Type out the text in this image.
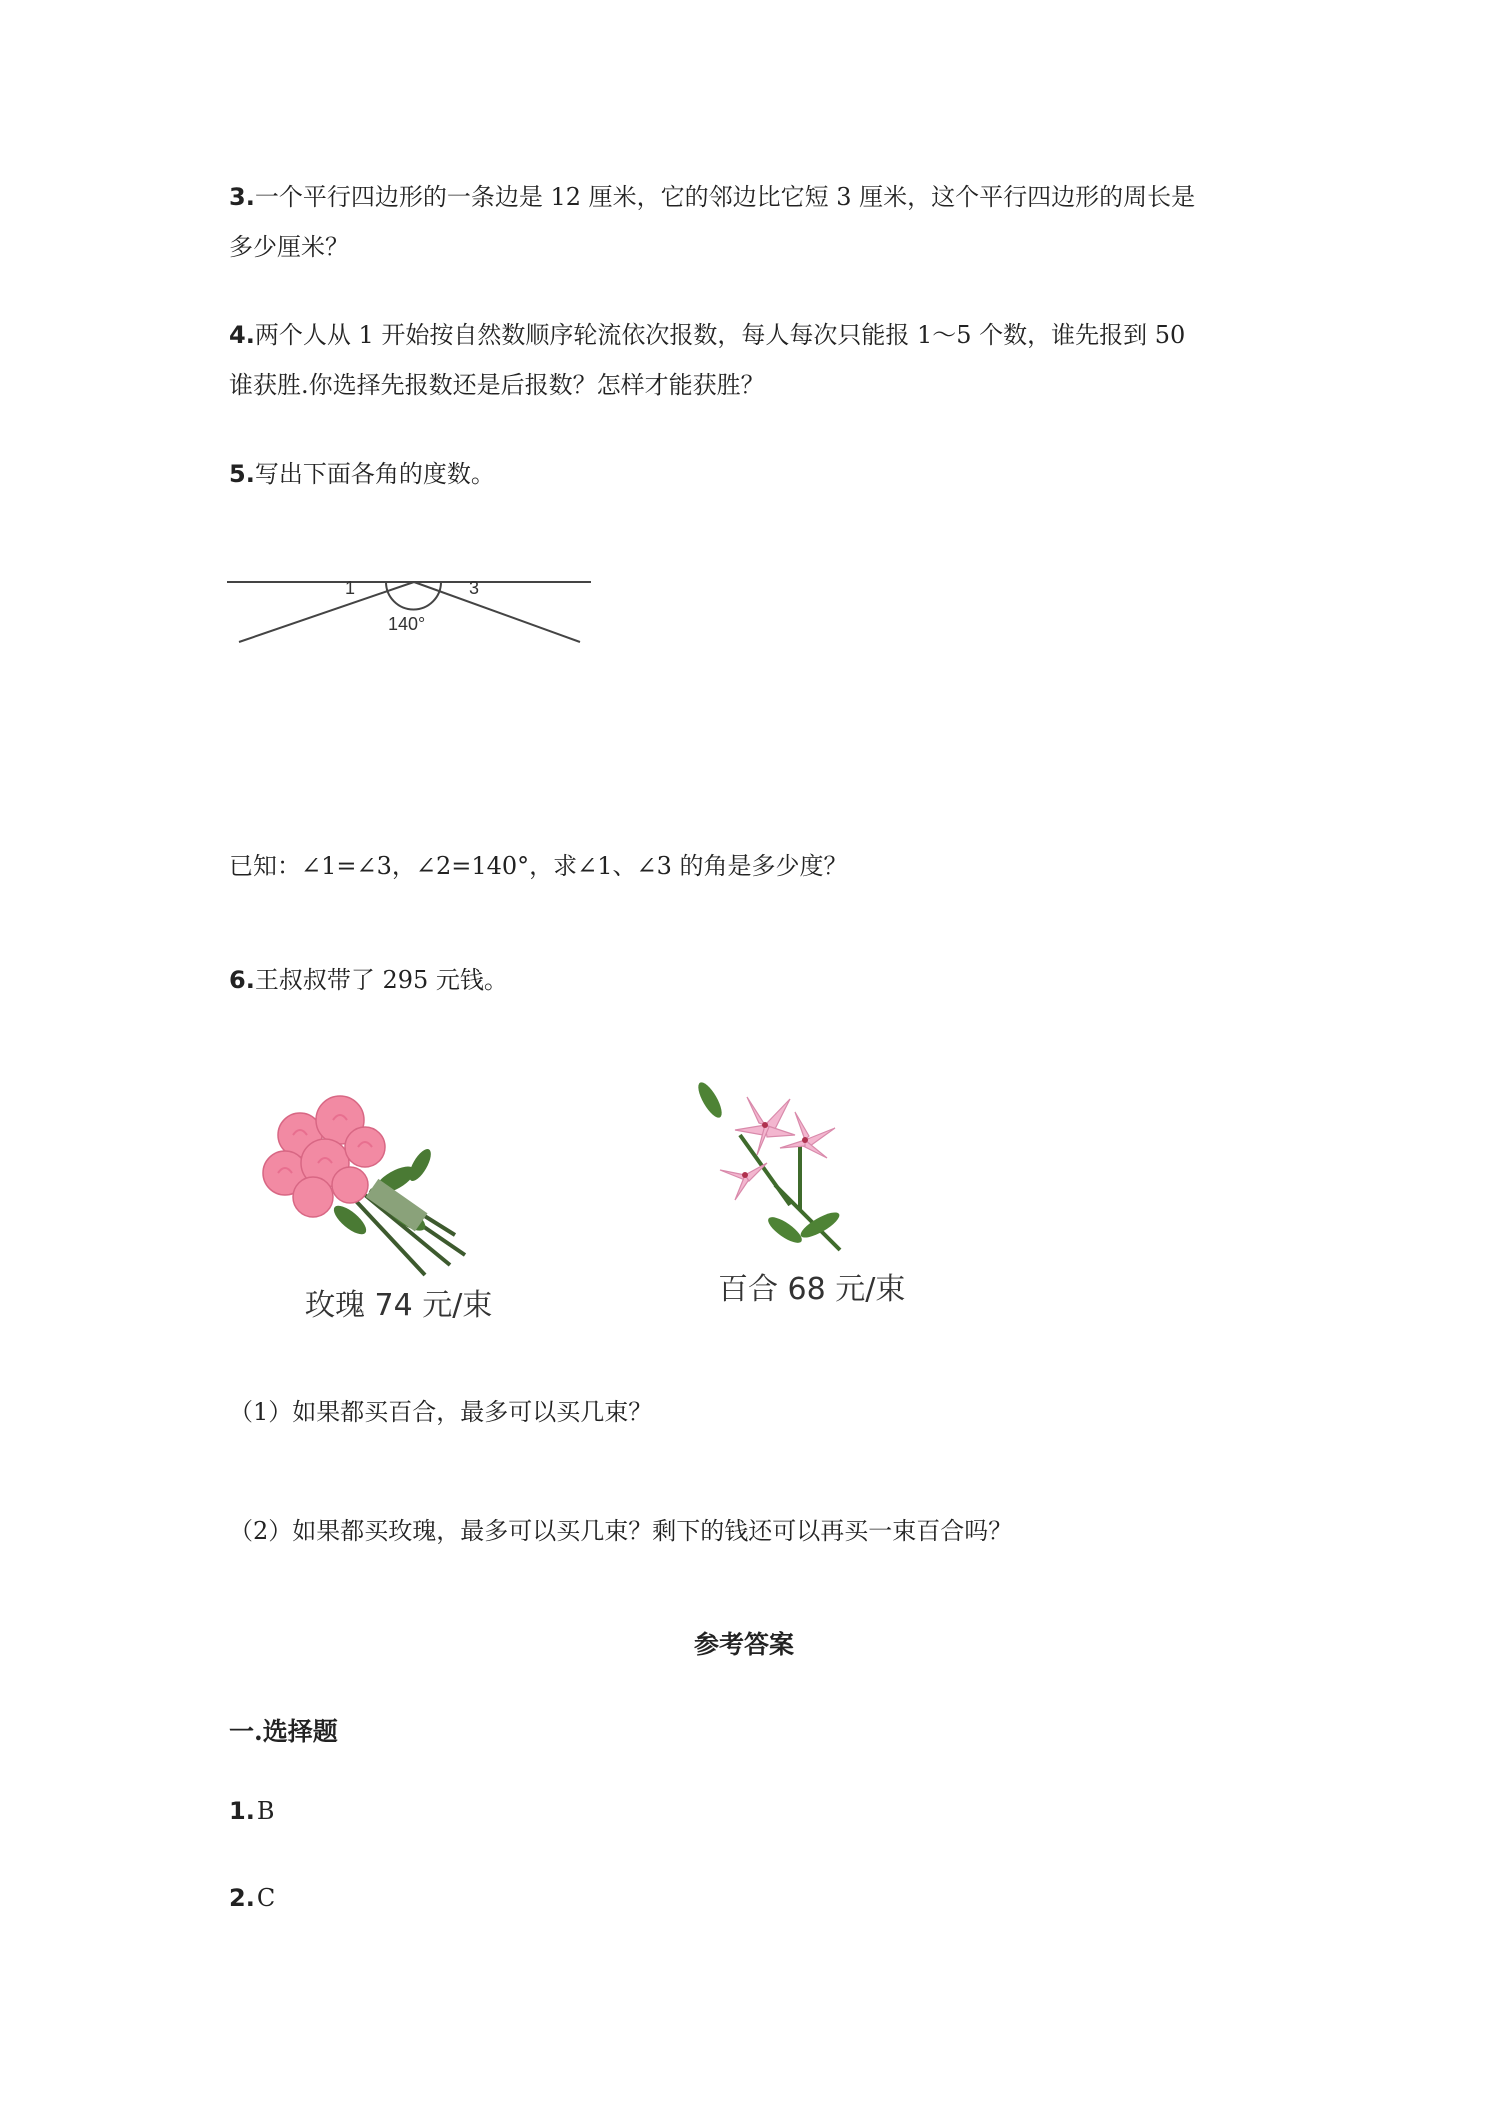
3.一个平行四边形的一条边是 12 厘米，它的邻边比它短 3 厘米，这个平行四边形的周长是
多少厘米？
4.两个人从 1 开始按自然数顺序轮流依次报数，每人每次只能报 1～5 个数，谁先报到 50
谁获胜.你选择先报数还是后报数？怎样才能获胜？
5.写出下面各角的度数。
1	3
140°
已知：∠1=∠3，∠2=140°，求∠1、∠3 的角是多少度？
6.王叔叔带了 295 元钱。
玫瑰 74 元/束	百合 68 元/束
（1）如果都买百合，最多可以买几束？
（2）如果都买玫瑰，最多可以买几束？剩下的钱还可以再买一束百合吗？
参考答案
一.选择题
1.B
2.C
